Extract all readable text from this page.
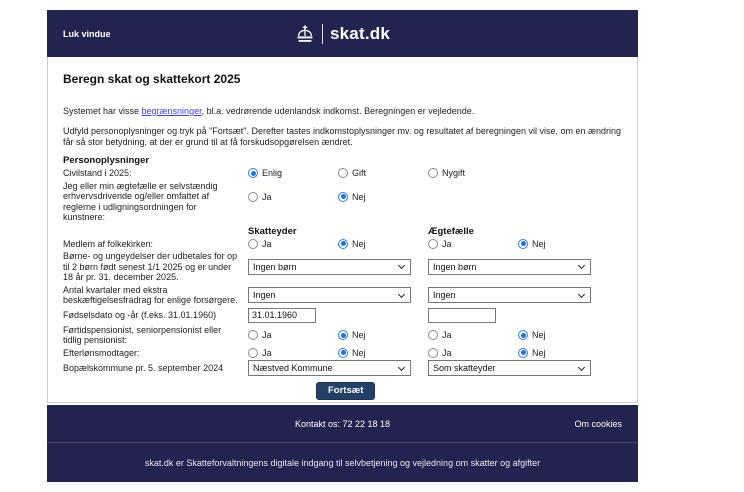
Luk vindue	skat.dk
Beregn skat og skattekort 2025
Systemet har visse begrænsninger, bl.a. vedrørende udenlandsk indkomst. Beregningen er vejledende.
Udfyld personoplysninger og tryk på "Fortsæt". Derefter tastes indkomstoplysninger mv. og resultatet af beregningen vil vise, om en ændring får så stor betydning, at der er grund til at få forskudsopgørelsen ændret.
Personoplysninger
Civilstand i 2025:	Enlig	Gift	Nygift
Jeg eller min ægtefælle er selvstændig erhvervsdrivende og/eller omfattet af reglerne i udligningsordningen for kunstnere:
Ja	Nej
Skatteyder	Ægtefælle
Medlem af folkekirken:	Ja	Nej	Ja	Nej
Børne- og ungeydelser der udbetales for op til 2 børn født senest 1/1 2025 og er under 18 år pr. 31. december 2025.
Ingen børn	Ingen børn
Antal kvartaler med ekstra beskæftigelsesfradrag for enlige forsørgere.	Ingen	Ingen
Fødselsdato og -år (f.eks. 31.01.1960)
31.01.1960
Førtidspensionist, seniorpensionist eller tidlig pensionist:	Ja	Nej	Ja	Nej
Efterlønsmodtager:	Ja	Nej	Ja	Nej
Bopælskommune pr. 5. september 2024	Næstved Kommune	Som skatteyder
Fortsæt
Kontakt os: 72 22 18 18	Om cookies
skat.dk er Skatteforvaltningens digitale indgang til selvbetjening og vejledning om skatter og afgifter
